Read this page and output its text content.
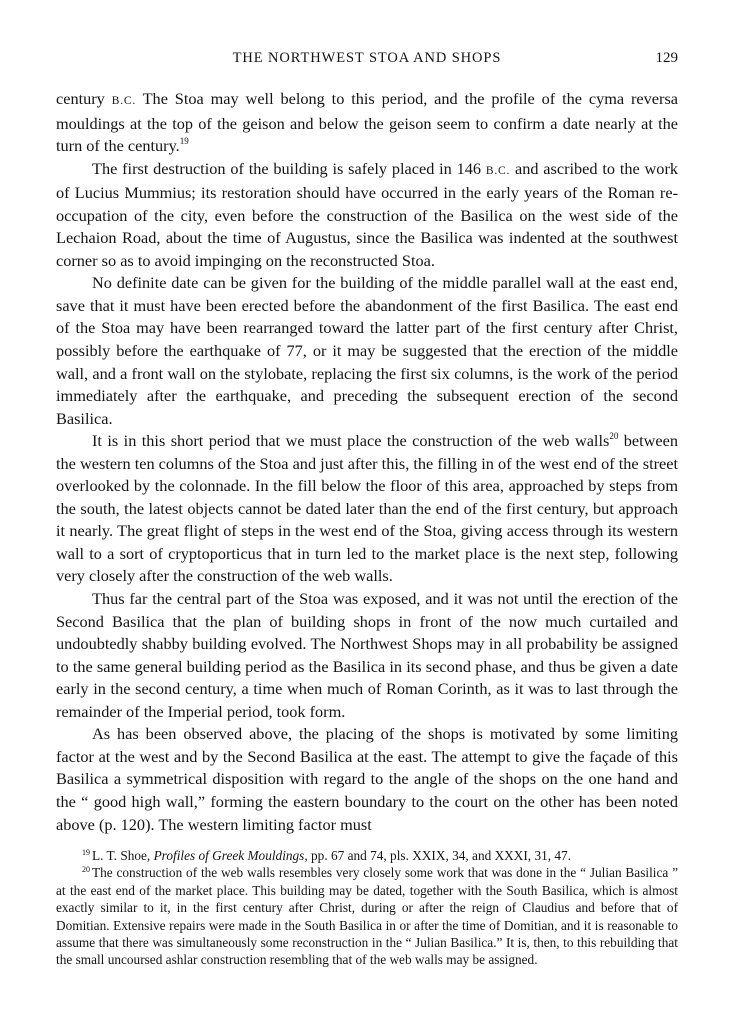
THE NORTHWEST STOA AND SHOPS	129

century B.C. The Stoa may well belong to this period, and the profile of the cyma reversa mouldings at the top of the geison and below the geison seem to confirm a date nearly at the turn of the century.$^{19}$

The first destruction of the building is safely placed in 146 B.C. and ascribed to the work of Lucius Mummius; its restoration should have occurred in the early years of the Roman re-occupation of the city, even before the construction of the Basilica on the west side of the Lechaion Road, about the time of Augustus, since the Basilica was indented at the southwest corner so as to avoid impinging on the reconstructed Stoa.

No definite date can be given for the building of the middle parallel wall at the east end, save that it must have been erected before the abandonment of the first Basilica. The east end of the Stoa may have been rearranged toward the latter part of the first century after Christ, possibly before the earthquake of 77, or it may be suggested that the erection of the middle wall, and a front wall on the stylobate, replacing the first six columns, is the work of the period immediately after the earthquake, and preceding the subsequent erection of the second Basilica.

It is in this short period that we must place the construction of the web walls$^{20}$ between the western ten columns of the Stoa and just after this, the filling in of the west end of the street overlooked by the colonnade. In the fill below the floor of this area, approached by steps from the south, the latest objects cannot be dated later than the end of the first century, but approach it nearly. The great flight of steps in the west end of the Stoa, giving access through its western wall to a sort of cryptoporticus that in turn led to the market place is the next step, following very closely after the construction of the web walls.

Thus far the central part of the Stoa was exposed, and it was not until the erection of the Second Basilica that the plan of building shops in front of the now much curtailed and undoubtedly shabby building evolved. The Northwest Shops may in all probability be assigned to the same general building period as the Basilica in its second phase, and thus be given a date early in the second century, a time when much of Roman Corinth, as it was to last through the remainder of the Imperial period, took form.

As has been observed above, the placing of the shops is motivated by some limiting factor at the west and by the Second Basilica at the east. The attempt to give the façade of this Basilica a symmetrical disposition with regard to the angle of the shops on the one hand and the “ good high wall,” forming the eastern boundary to the court on the other has been noted above (p. 120). The western limiting factor must

$^{19}$ L. T. Shoe, Profiles of Greek Mouldings, pp. 67 and 74, pls. XXIX, 34, and XXXI, 31, 47.

$^{20}$ The construction of the web walls resembles very closely some work that was done in the “ Julian Basilica ” at the east end of the market place. This building may be dated, together with the South Basilica, which is almost exactly similar to it, in the first century after Christ, during or after the reign of Claudius and before that of Domitian. Extensive repairs were made in the South Basilica in or after the time of Domitian, and it is reasonable to assume that there was simultaneously some reconstruction in the “ Julian Basilica.” It is, then, to this rebuilding that the small uncoursed ashlar construction resembling that of the web walls may be assigned.
